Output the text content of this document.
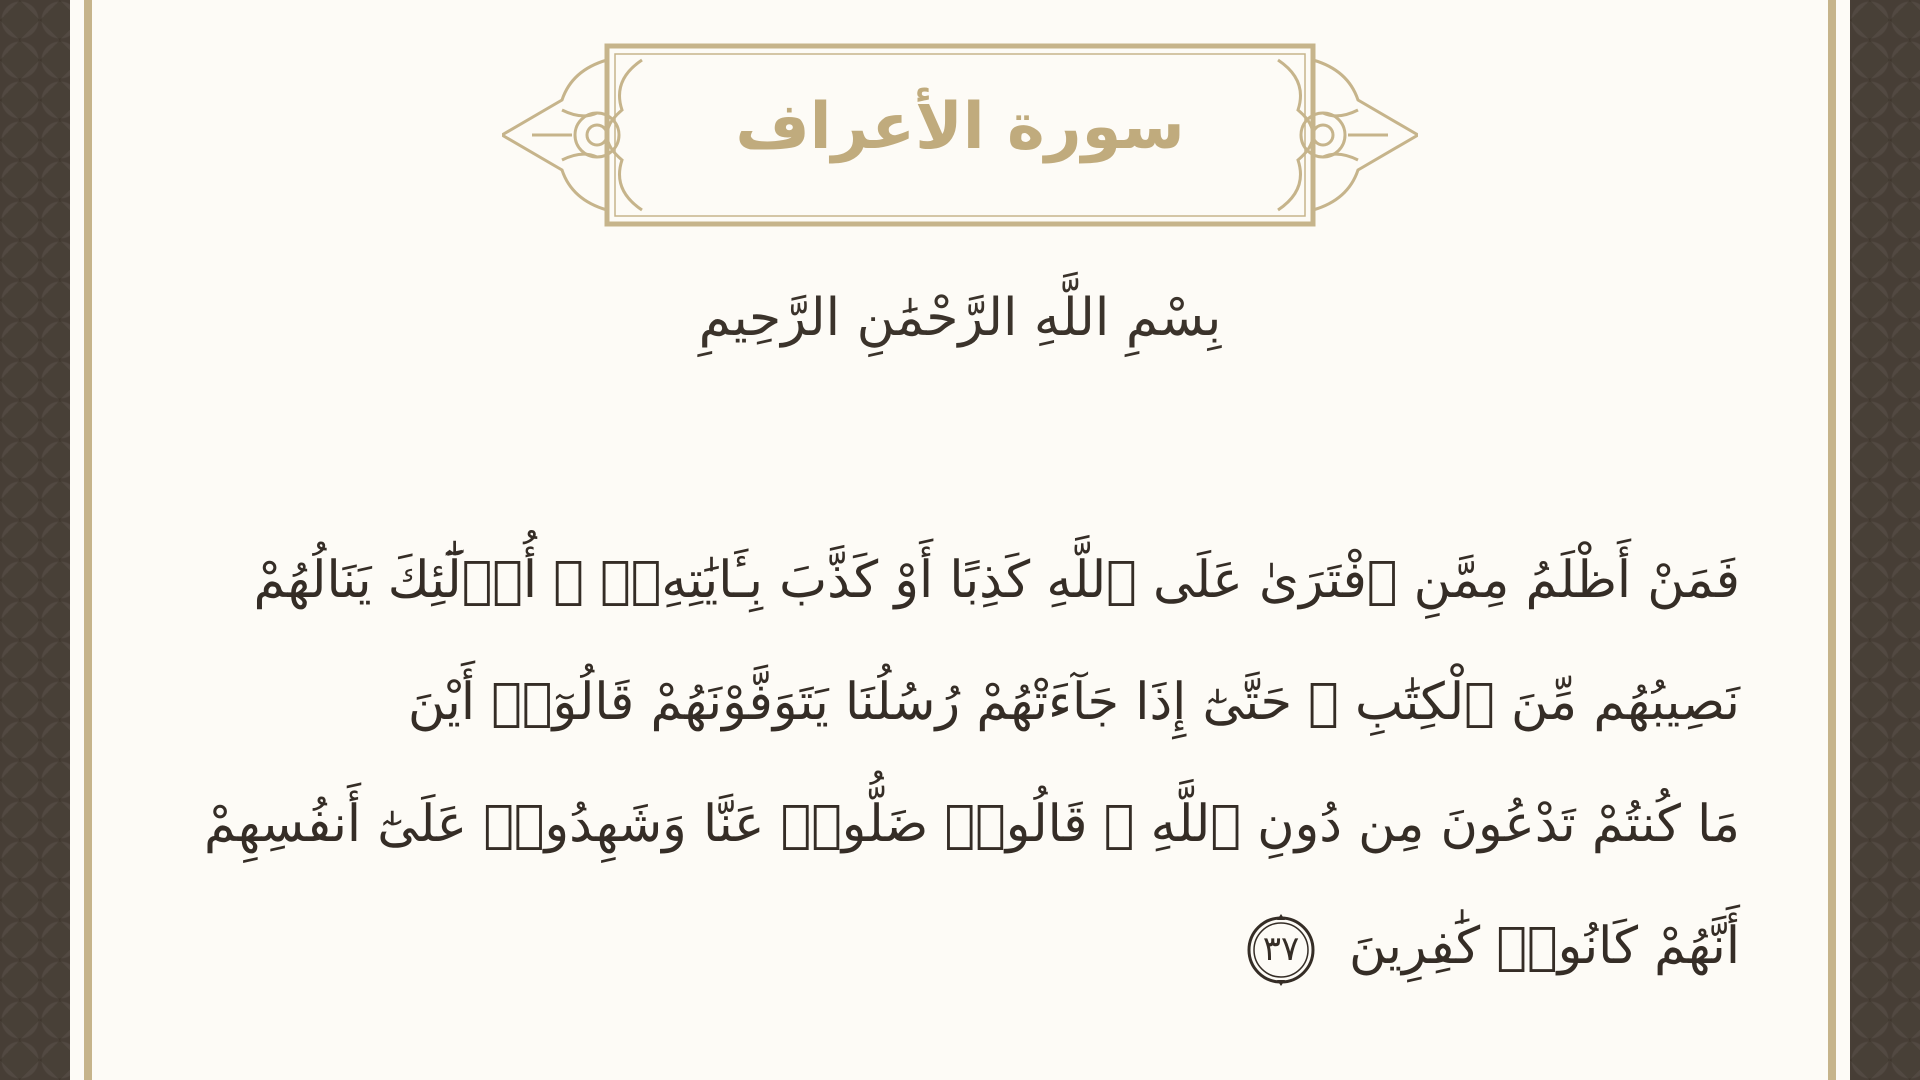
سورة الأعراف
بِسْمِ اللَّهِ الرَّحْمَٰنِ الرَّحِيمِ
فَمَنْ أَظْلَمُ مِمَّنِ ٱفْتَرَىٰ عَلَى ٱللَّهِ كَذِبًا أَوْ كَذَّبَ بِـَٔايَٰتِهِۦٓ ۚ أُو۟لَٰٓئِكَ يَنَالُهُمْ
نَصِيبُهُم مِّنَ ٱلْكِتَٰبِ ۖ حَتَّىٰٓ إِذَا جَآءَتْهُمْ رُسُلُنَا يَتَوَفَّوْنَهُمْ قَالُوٓا۟ أَيْنَ
مَا كُنتُمْ تَدْعُونَ مِن دُونِ ٱللَّهِ ۖ قَالُوا۟ ضَلُّوا۟ عَنَّا وَشَهِدُوا۟ عَلَىٰٓ أَنفُسِهِمْ
أَنَّهُمْ كَانُوا۟ كَٰفِرِينَ
٣٧
